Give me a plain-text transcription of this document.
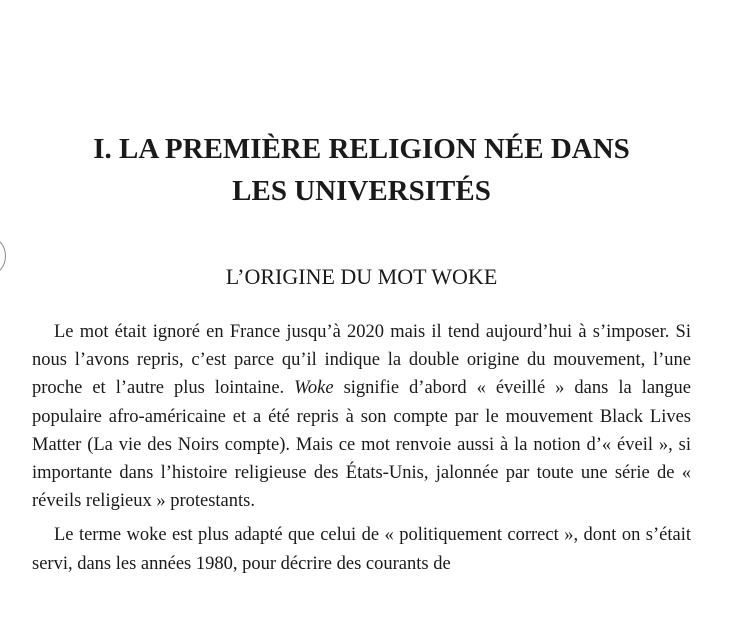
I. LA PREMIÈRE RELIGION NÉE DANS
LES UNIVERSITÉS
L’ORIGINE DU MOT WOKE

Le mot était ignoré en France jusqu’à 2020 mais il tend aujourd’hui à s’imposer. Si nous l’avons repris, c’est parce qu’il indique la double origine du mouvement, l’une proche et l’autre plus lointaine. Woke signifie d’abord « éveillé » dans la langue populaire afro-américaine et a été repris à son compte par le mouvement Black Lives Matter (La vie des Noirs compte). Mais ce mot renvoie aussi à la notion d’« éveil », si importante dans l’histoire religieuse des États-Unis, jalonnée par toute une série de « réveils religieux » protestants.

Le terme woke est plus adapté que celui de « politiquement correct », dont on s’était servi, dans les années 1980, pour décrire des courants de
